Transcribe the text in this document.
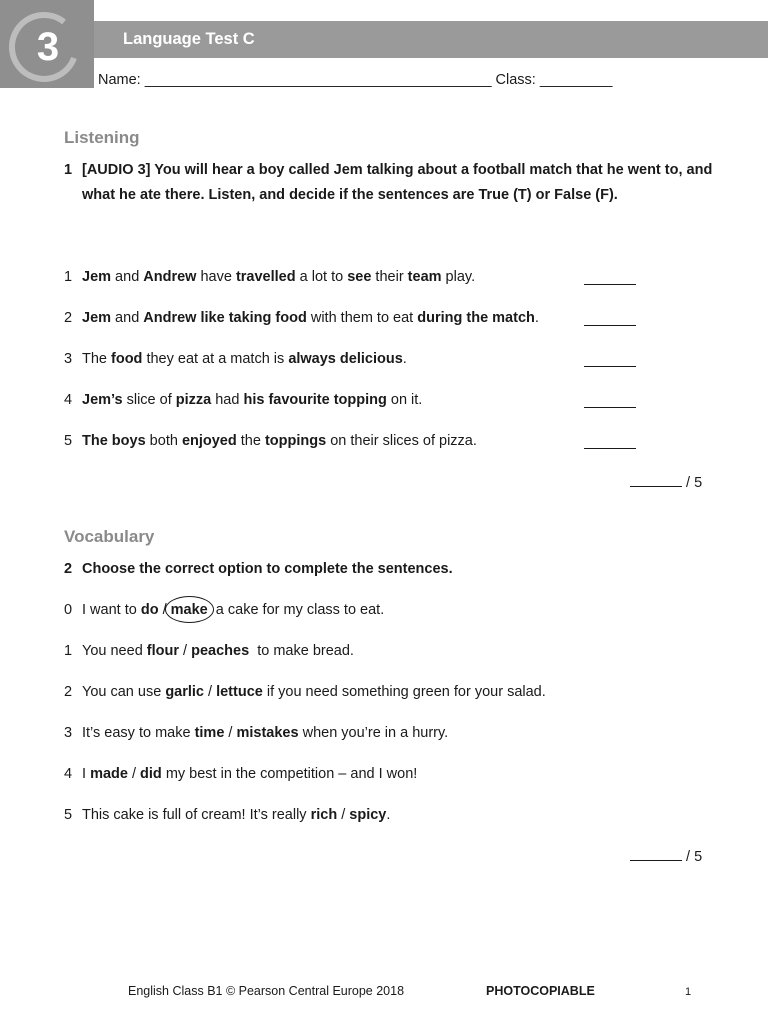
3	Language Test C
Name: ___________________________________________ Class: _________
Listening
1 [AUDIO 3] You will hear a boy called Jem talking about a football match that he went to, and what he ate there. Listen, and decide if the sentences are True (T) or False (F).
1 Jem and Andrew have travelled a lot to see their team play.
2 Jem and Andrew like taking food with them to eat during the match.
3 The food they eat at a match is always delicious.
4 Jem’s slice of pizza had his favourite topping on it.
5 The boys both enjoyed the toppings on their slices of pizza.
/ 5
Vocabulary
2 Choose the correct option to complete the sentences.
0 I want to do / make  a cake for my class to eat.
1 You need flour / peaches  to make bread.
2 You can use garlic / lettuce if you need something green for your salad.
3 It’s easy to make time / mistakes when you’re in a hurry.
4 I made / did my best in the competition – and I won!
5 This cake is full of cream! It’s really rich / spicy.
/ 5
English Class B1 © Pearson Central Europe 2018	PHOTOCOPIABLE	1
